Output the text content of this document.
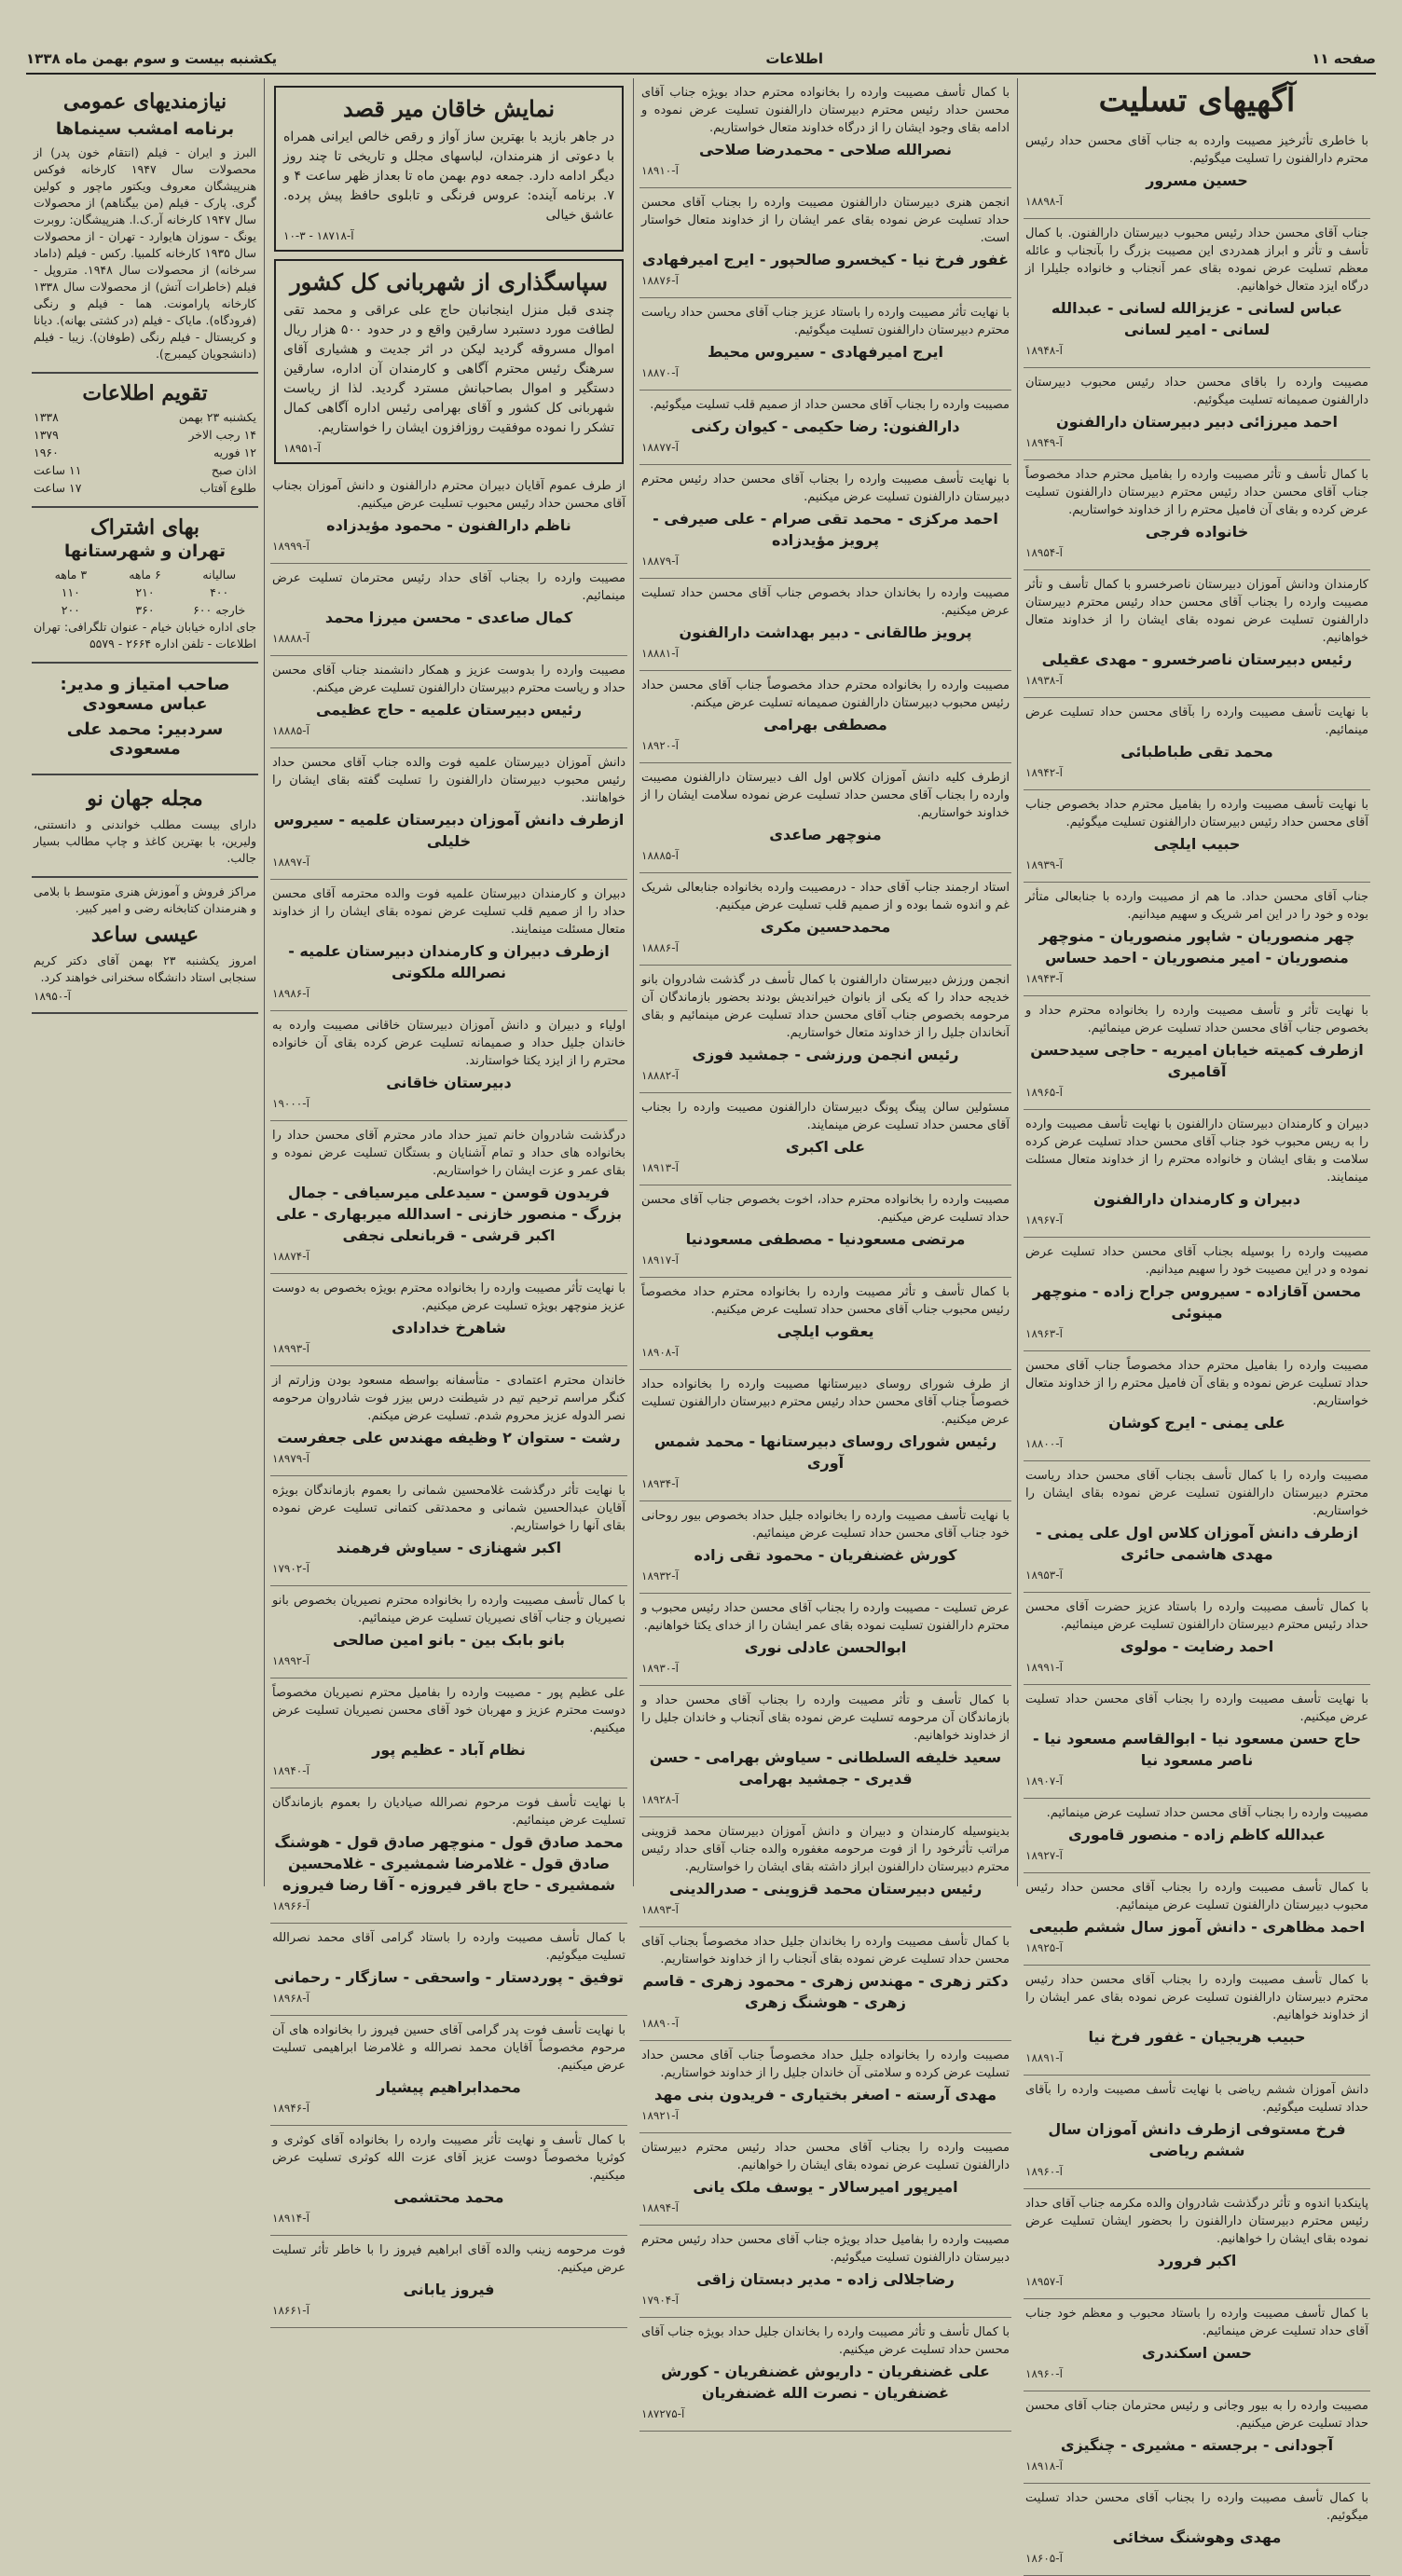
صفحه ۱۱
اطلاعات
یکشنبه بیست و سوم بهمن ماه ۱۳۳۸
آگهیهای تسلیت
با خاطری تأثرخیز مصیبت وارده به جناب آقای محسن حداد رئیس محترم دارالفنون را تسلیت میگوئیم.
حسین مسرور
آ-۱۸۸۹۸
جناب آقای محسن حداد رئیس محبوب دبیرستان دارالفنون. با کمال تأسف و تأثر و ابراز همدردی این مصیبت بزرگ را بآنجناب و عائله معظم تسلیت عرض نموده بقای عمر آنجناب و خانواده جلیلرا از درگاه ایزد متعال خواهانیم.
عباس لسانی - عزیزالله لسانی - عبدالله لسانی - امیر لسانی
آ-۱۸۹۴۸
مصیبت وارده را باقای محسن حداد رئیس محبوب دبیرستان دارالفنون صمیمانه تسلیت میگوئیم.
احمد میرزائی دبیر دبیرستان دارالفنون
آ-۱۸۹۴۹
با کمال تأسف و تأثر مصیبت وارده را بفامیل محترم حداد مخصوصاً جناب آقای محسن حداد رئیس محترم دبیرستان دارالفنون تسلیت عرض کرده و بقای آن فامیل محترم را از خداوند خواستاریم.
خانواده فرجی
آ-۱۸۹۵۴
کارمندان ودانش آموزان دبیرستان ناصرخسرو با کمال تأسف و تأثر مصیبت وارده را بجناب آقای محسن حداد رئیس محترم دبیرستان دارالفنون تسلیت عرض نموده بقای ایشان را از خداوند متعال خواهانیم.
رئیس دبیرستان ناصرخسرو - مهدی عقیلی
آ-۱۸۹۳۸
با نهایت تأسف مصیبت وارده را بآقای محسن حداد تسلیت عرض مینمائیم.
محمد تقی طباطبائی
آ-۱۸۹۴۲
با نهایت تأسف مصیبت وارده را بفامیل محترم حداد بخصوص جناب آقای محسن حداد رئیس دبیرستان دارالفنون تسلیت میگوئیم.
حبیب ایلچی
آ-۱۸۹۳۹
جناب آقای محسن حداد. ما هم از مصیبت وارده با جنابعالی متأثر بوده و خود را در این امر شریک و سهیم میدانیم.
چهر منصوریان - شاپور منصوریان - منوچهر منصوریان - امیر منصوریان - احمد حساس
آ-۱۸۹۴۳
با نهایت تأثر و تأسف مصیبت وارده را بخانواده محترم حداد و بخصوص جناب آقای محسن حداد تسلیت عرض مینمائیم.
ازطرف کمیته خیابان امیریه - حاجی سیدحسن آقامیری
آ-۱۸۹۶۵
دبیران و کارمندان دبیرستان دارالفنون با نهایت تأسف مصیبت وارده را به ریس محبوب خود جناب آقای محسن حداد تسلیت عرض کرده سلامت و بقای ایشان و خانواده محترم را از خداوند متعال مسئلت مینمایند.
دبیران و کارمندان دارالفنون
آ-۱۸۹۶۷
مصیبت وارده را بوسیله بجناب آقای محسن حداد تسلیت عرض نموده و در این مصیبت خود را سهیم میدانیم.
محسن آقازاده - سیروس جراح زاده - منوچهر مینوئی
آ-۱۸۹۶۳
مصیبت وارده را بفامیل محترم حداد مخصوصاً جناب آقای محسن حداد تسلیت عرض نموده و بقای آن فامیل محترم را از خداوند متعال خواستاریم.
علی یمنی - ایرج کوشان
آ-۱۸۸۰۰
مصیبت وارده را با کمال تأسف بجناب آقای محسن حداد ریاست محترم دبیرستان دارالفنون تسلیت عرض نموده بقای ایشان را خواستاریم.
ازطرف دانش آموزان کلاس اول علی یمنی - مهدی هاشمی حائری
آ-۱۸۹۵۳
با کمال تأسف مصیبت وارده را باستاد عزیز حضرت آقای محسن حداد رئیس محترم دبیرستان دارالفنون تسلیت عرض مینمائیم.
احمد رضایت - مولوی
آ-۱۸۹۹۱
با نهایت تأسف مصیبت وارده را بجناب آقای محسن حداد تسلیت عرض میکنیم.
حاج حسن مسعود نیا - ابوالقاسم مسعود نیا - ناصر مسعود نیا
آ-۱۸۹۰۷
مصیبت وارده را بجناب آقای محسن حداد تسلیت عرض مینمائیم.
عبدالله کاظم زاده - منصور قاموری
آ-۱۸۹۲۷
با کمال تأسف مصیبت وارده را بجناب آقای محسن حداد رئیس محبوب دبیرستان دارالفنون تسلیت عرض مینمائیم.
احمد مظاهری - دانش آموز سال ششم طبیعی
آ-۱۸۹۲۵
با کمال تأسف مصیبت وارده را بجناب آقای محسن حداد رئیس محترم دبیرستان دارالفنون تسلیت عرض نموده بقای عمر ایشان را از خداوند خواهانیم.
حبیب هریجیان - غفور فرخ نیا
آ-۱۸۸۹۱
دانش آموزان ششم ریاضی با نهایت تأسف مصیبت وارده را بآقای حداد تسلیت میگوئیم.
فرخ مستوفی ازطرف دانش آموزان سال ششم ریاضی
آ-۱۸۹۶۰
پاینکدبا اندوه و تأثر درگذشت شادروان والده مکرمه جناب آقای حداد رئیس محترم دبیرستان دارالفنون را بحضور ایشان تسلیت عرض نموده بقای ایشان را خواهانیم.
اکبر فرورد
آ-۱۸۹۵۷
با کمال تأسف مصیبت وارده را باستاد محبوب و معظم خود جناب آقای حداد تسلیت عرض مینمائیم.
حسن اسکندری
آ-۱۸۹۶۰
مصیبت وارده را به بیور وجانی و رئیس محترمان جناب آقای محسن حداد تسلیت عرض میکنیم.
آجودانی - برجسته - مشیری - چنگیزی
آ-۱۸۹۱۸
با کمال تأسف مصیبت وارده را بجناب آقای محسن حداد تسلیت میگوئیم.
مهدی وهوشنگ سخائی
آ-۱۸۶۰۵
با کمال تأسف مصیبت وارده را بخانواده محترم حداد بویژه جناب آقای محسن حداد رئیس محترم دبیرستان دارالفنون تسلیت عرض نموده و ادامه بقای وجود ایشان را از درگاه خداوند متعال خواستاریم.
نصرالله صلاحی - محمدرضا صلاحی
آ-۱۸۹۱۰
انجمن هنری دبیرستان دارالفنون مصیبت وارده را بجناب آقای محسن حداد تسلیت عرض نموده بقای عمر ایشان را از خداوند متعال خواستار است.
غفور فرخ نیا - کیخسرو صالحپور - ایرج امیرفهادی
آ-۱۸۸۷۶
با نهایت تأثر مصیبت وارده را باستاد عزیز جناب آقای محسن حداد ریاست محترم دبیرستان دارالفنون تسلیت میگوئیم.
ایرج امیرفهادی - سیروس محیط
آ-۱۸۸۷۰
مصیبت وارده را بجناب آقای محسن حداد از صمیم قلب تسلیت میگوئیم.
دارالفنون: رضا حکیمی - کیوان رکنی
آ-۱۸۸۷۷
با نهایت تأسف مصیبت وارده را بجناب آقای محسن حداد رئیس محترم دبیرستان دارالفنون تسلیت عرض میکنیم.
احمد مرکزی - محمد تقی صرام - علی صیرفی - پرویز مؤیدزاده
آ-۱۸۸۷۹
مصیبت وارده را بخاندان حداد بخصوص جناب آقای محسن حداد تسلیت عرض میکنیم.
پرویز طالقانی - دبیر بهداشت دارالفنون
آ-۱۸۸۸۱
مصیبت وارده را بخانواده محترم حداد مخصوصاً جناب آقای محسن حداد رئیس محبوب دبیرستان دارالفنون صمیمانه تسلیت عرض میکنم.
مصطفی بهرامی
آ-۱۸۹۲۰
ازطرف کلیه دانش آموزان کلاس اول الف دبیرستان دارالفنون مصیبت وارده را بجناب آقای محسن حداد تسلیت عرض نموده سلامت ایشان را از خداوند خواستاریم.
منوچهر صاعدی
آ-۱۸۸۸۵
استاد ارجمند جناب آقای حداد - درمصیبت وارده بخانواده جنابعالی شریک غم و اندوه شما بوده و از صمیم قلب تسلیت عرض میکنیم.
محمدحسین مکری
آ-۱۸۸۸۶
انجمن ورزش دبیرستان دارالفنون با کمال تأسف در گذشت شادروان بانو خدیجه حداد را که یکی از بانوان خیراندیش بودند بحضور بازماندگان آن مرحومه بخصوص جناب آقای محسن حداد تسلیت عرض مینمائیم و بقای آنخاندان جلیل را از خداوند متعال خواستاریم.
رئیس انجمن ورزشی - جمشید فوزی
آ-۱۸۸۸۲
مسئولین سالن پینگ پونگ دبیرستان دارالفنون مصیبت وارده را بجناب آقای محسن حداد تسلیت عرض مینمایند.
علی اکبری
آ-۱۸۹۱۳
مصیبت وارده را بخانواده محترم حداد، اخوت بخصوص جناب آقای محسن حداد تسلیت عرض میکنیم.
مرتضی مسعودنیا - مصطفی مسعودنیا
آ-۱۸۹۱۷
با کمال تأسف و تأثر مصیبت وارده را بخانواده محترم حداد مخصوصاً رئیس محبوب جناب آقای محسن حداد تسلیت عرض میکنیم.
یعقوب ایلچی
آ-۱۸۹۰۸
از طرف شورای روسای دبیرستانها مصیبت وارده را بخانواده حداد خصوصاً جناب آقای محسن حداد رئیس محترم دبیرستان دارالفنون تسلیت عرض میکنیم.
رئیس شورای روسای دبیرستانها - محمد شمس آوری
آ-۱۸۹۳۴
با نهایت تأسف مصیبت وارده را بخانواده جلیل حداد بخصوص بیور روحانی خود جناب آقای محسن حداد تسلیت عرض مینمائیم.
کورش غضنفریان - محمود تقی زاده
آ-۱۸۹۳۲
عرض تسلیت - مصیبت وارده را بجناب آقای محسن حداد رئیس محبوب و محترم دارالفنون تسلیت نموده بقای عمر ایشان را از خدای یکتا خواهانیم.
ابوالحسن عادلی نوری
آ-۱۸۹۳۰
با کمال تأسف و تأثر مصیبت وارده را بجناب آقای محسن حداد و بازماندگان آن مرحومه تسلیت عرض نموده بقای آنجناب و خاندان جلیل را از خداوند خواهانیم.
سعید خلیفه السلطانی - سیاوش بهرامی - حسن قدیری - جمشید بهرامی
آ-۱۸۹۲۸
بدینوسیله کارمندان و دبیران و دانش آموزان دبیرستان محمد قزوینی مراتب تأثرخود را از فوت مرحومه مغفوره والده جناب آقای حداد رئیس محترم دبیرستان دارالفنون ابراز داشته بقای ایشان را خواستاریم.
رئیس دبیرستان محمد قزوینی - صدرالدینی
آ-۱۸۸۹۳
با کمال تأسف مصیبت وارده را بخاندان جلیل حداد مخصوصاً بجناب آقای محسن حداد تسلیت عرض نموده بقای آنجناب را از خداوند خواستاریم.
دکتر زهری - مهندس زهری - محمود زهری - قاسم زهری - هوشنگ زهری
آ-۱۸۸۹۰
مصیبت وارده را بخانواده جلیل حداد مخصوصاً جناب آقای محسن حداد تسلیت عرض کرده و سلامتی آن خاندان جلیل را از خداوند خواستاریم.
مهدی آرسته - اصغر بختیاری - فریدون بنی مهد
آ-۱۸۹۲۱
مصیبت وارده را بجناب آقای محسن حداد رئیس محترم دبیرستان دارالفنون تسلیت عرض نموده بقای ایشان را خواهانیم.
امیرپور امیرسالار - یوسف ملک یانی
آ-۱۸۸۹۴
مصیبت وارده را بفامیل حداد بویژه جناب آقای محسن حداد رئیس محترم دبیرستان دارالفنون تسلیت میگوئیم.
رضاجلالی زاده - مدیر دبستان زاقی
آ-۱۷۹۰۴
با کمال تأسف و تأثر مصیبت وارده را بخاندان جلیل حداد بویژه جناب آقای محسن حداد تسلیت عرض میکنیم.
علی غضنفریان - داریوش غضنفریان - کورش غضنفریان - نصرت الله غضنفریان
آ-۱۸۷۲۷۵
نمایش خاقان میر قصد
در جاهر بازید با بهترین ساز آواز و رقص خالص ایرانی همراه با دعوتی از هنرمندان، لباسهای مجلل و تاریخی تا چند روز دیگر ادامه دارد. جمعه دوم بهمن ماه تا بعداز ظهر ساعت ۴ و ۷. برنامه آینده: عروس فرنگی و تابلوی حافظ پیش پرده. عاشق خیالی
آ-۱۸۷۱۸ - ۳-۱۰
سپاسگذاری از شهربانی کل کشور
چندی قبل منزل اینجانبان حاج علی عراقی و محمد تقی لطافت مورد دستبرد سارقین واقع و در حدود ۵۰۰ هزار ریال اموال مسروقه گردید لیکن در اثر جدیت و هشیاری آقای سرهنگ رئیس محترم آگاهی و کارمندان آن اداره، سارقین دستگیر و اموال بصاحبانش مسترد گردید. لذا از ریاست شهربانی کل کشور و آقای بهرامی رئیس اداره آگاهی کمال تشکر را نموده موفقیت روزافزون ایشان را خواستاریم.
آ-۱۸۹۵۱
از طرف عموم آقایان دبیران محترم دارالفنون و دانش آموزان بجناب آقای محسن حداد رئیس محبوب تسلیت عرض میکنیم.
ناظم دارالفنون - محمود مؤیدزاده
آ-۱۸۹۹۹
مصیبت وارده را بجناب آقای حداد رئیس محترمان تسلیت عرض مینمائیم.
کمال صاعدی - محسن میرزا محمد
آ-۱۸۸۸۸
مصیبت وارده را بدوست عزیز و همکار دانشمند جناب آقای محسن حداد و ریاست محترم دبیرستان دارالفنون تسلیت عرض میکنم.
رئیس دبیرستان علمیه - حاج عظیمی
آ-۱۸۸۸۵
دانش آموزان دبیرستان علمیه فوت والده جناب آقای محسن حداد رئیس محبوب دبیرستان دارالفنون را تسلیت گفته بقای ایشان را خواهانند.
ازطرف دانش آموزان دبیرستان علمیه - سیروس خلیلی
آ-۱۸۸۹۷
دبیران و کارمندان دبیرستان علمیه فوت والده محترمه آقای محسن حداد را از صمیم قلب تسلیت عرض نموده بقای ایشان را از خداوند متعال مسئلت مینمایند.
ازطرف دبیران و کارمندان دبیرستان علمیه - نصرالله ملکوتی
آ-۱۸۹۸۶
اولیاء و دبیران و دانش آموزان دبیرستان خاقانی مصیبت وارده به خاندان جلیل حداد و صمیمانه تسلیت عرض کرده بقای آن خانواده محترم را از ایزد یکتا خواستارند.
دبیرستان خاقانی
آ-۱۹۰۰۰
درگذشت شادروان خانم تمیز حداد مادر محترم آقای محسن حداد را بخانواده های حداد و تمام آشنایان و بستگان تسلیت عرض نموده و بقای عمر و عزت ایشان را خواستاریم.
فریدون قوسن - سیدعلی میرسیافی - جمال بزرگ - منصور خازنی - اسدالله میربهاری - علی اکبر قرشی - قربانعلی نجفی
آ-۱۸۸۷۴
با نهایت تأثر مصیبت وارده را بخانواده محترم بویژه بخصوص به دوست عزیز منوچهر بویژه تسلیت عرض میکنیم.
شاهرخ خدادادی
آ-۱۸۹۹۳
خاندان محترم اعتمادی - متأسفانه بواسطه مسعود بودن وزارتم از کنگر مراسم ترحیم تیم در شیطنت درس بیزر فوت شادروان مرحومه نصر الدوله عزیز محروم شدم. تسلیت عرض میکنم.
رشت - ستوان ۲ وظیفه مهندس علی جعفرست
آ-۱۸۹۷۹
با نهایت تأثر درگذشت غلامحسین شمانی را بعموم بازماندگان بویژه آقایان عبدالحسین شمانی و محمدتقی کتمانی تسلیت عرض نموده بقای آنها را خواستاریم.
اکبر شهنازی - سیاوش فرهمند
آ-۱۷۹۰۲
با کمال تأسف مصیبت وارده را بخانواده محترم نصیریان بخصوص بانو نصیریان و جناب آقای نصیریان تسلیت عرض مینمائیم.
بانو بابک بین - بانو امین صالحی
آ-۱۸۹۹۲
علی عظیم پور - مصیبت وارده را بفامیل محترم نصیریان مخصوصاً دوست محترم عزیز و مهربان خود آقای محسن نصیریان تسلیت عرض میکنیم.
نظام آباد - عظیم پور
آ-۱۸۹۴۰
با نهایت تأسف فوت مرحوم نصرالله صیادیان را بعموم بازماندگان تسلیت عرض مینمائیم.
محمد صادق قول - منوچهر صادق قول - هوشنگ صادق قول - غلامرضا شمشیری - غلامحسین شمشیری - حاج باقر فیروزه - آقا رضا فیروزه
آ-۱۸۹۶۶
با کمال تأسف مصیبت وارده را باستاد گرامی آقای محمد نصرالله تسلیت میگوئیم.
توفیق - پوردستار - واسحقی - سازگار - رحمانی
آ-۱۸۹۶۸
با نهایت تأسف فوت پدر گرامی آقای حسین فیروز را بخانواده های آن مرحوم مخصوصاً آقایان محمد نصرالله و غلامرضا ابراهیمی تسلیت عرض میکنیم.
محمدابراهیم پیشیار
آ-۱۸۹۴۶
با کمال تأسف و نهایت تأثر مصیبت وارده را بخانواده آقای کوثری و کوثریا مخصوصاً دوست عزیز آقای عزت الله کوثری تسلیت عرض میکنیم.
محمد محتشمی
آ-۱۸۹۱۴
فوت مرحومه زینب والده آقای ابراهیم فیروز را با خاطر تأثر تسلیت عرض میکنیم.
فیروز یابانی
آ-۱۸۶۶۱
نیازمندیهای عمومی
برنامه امشب سینماها
البرز و ایران - فیلم (انتقام خون پدر) از محصولات سال ۱۹۴۷ کارخانه فوکس هنرپیشگان معروف ویکتور ماچور و کولین گری. پارک - فیلم (من بیگناهم) از محصولات سال ۱۹۴۷ کارخانه آر.ک.ا. هنرپیشگان: روبرت یونگ - سوزان هایوارد - تهران - از محصولات سال ۱۹۳۵ کارخانه کلمبیا. رکس - فیلم (داماد سرخانه) از محصولات سال ۱۹۴۸. متروپل - فیلم (خاطرات آتش) از محصولات سال ۱۳۳۸ کارخانه پارامونت. هما - فیلم و رنگی (فرودگاه). مایاک - فیلم (در کشتی بهانه). دیانا و کریستال - فیلم رنگی (طوفان). زیبا - فیلم (دانشجویان کیمبرج).
تقویم اطلاعات
یکشنبه ۲۳ بهمن
۱۳۳۸
۱۴ رجب الاخر
۱۳۷۹
۱۲ فوریه
۱۹۶۰
اذان صبح
۱۱ ساعت
طلوع آفتاب
۱۷ ساعت
بهای اشتراک
تهران و شهرستانها
سالیانه
۶ ماهه
۳ ماهه
۴۰۰
۲۱۰
۱۱۰
خارجه ۶۰۰
۳۶۰
۲۰۰
جای اداره خیابان خیام - عنوان تلگرافی: تهران اطلاعات - تلفن اداره ۲۶۶۴ - ۵۵۷۹
صاحب امتیاز و مدیر: عباس مسعودی
سردبیر: محمد علی مسعودی
مجله جهان نو
دارای بیست مطلب خواندنی و دانستنی، ولیرین، با بهترین کاغذ و چاپ مطالب بسیار جالب.
مراکز فروش و آموزش هنری متوسط با بلامی و هنرمندان کتابخانه رضی و امیر کبیر.
عیسی ساعد
امروز یکشنبه ۲۳ بهمن آقای دکتر کریم سنجابی استاد دانشگاه سخنرانی خواهند کرد.
آ-۱۸۹۵۰
